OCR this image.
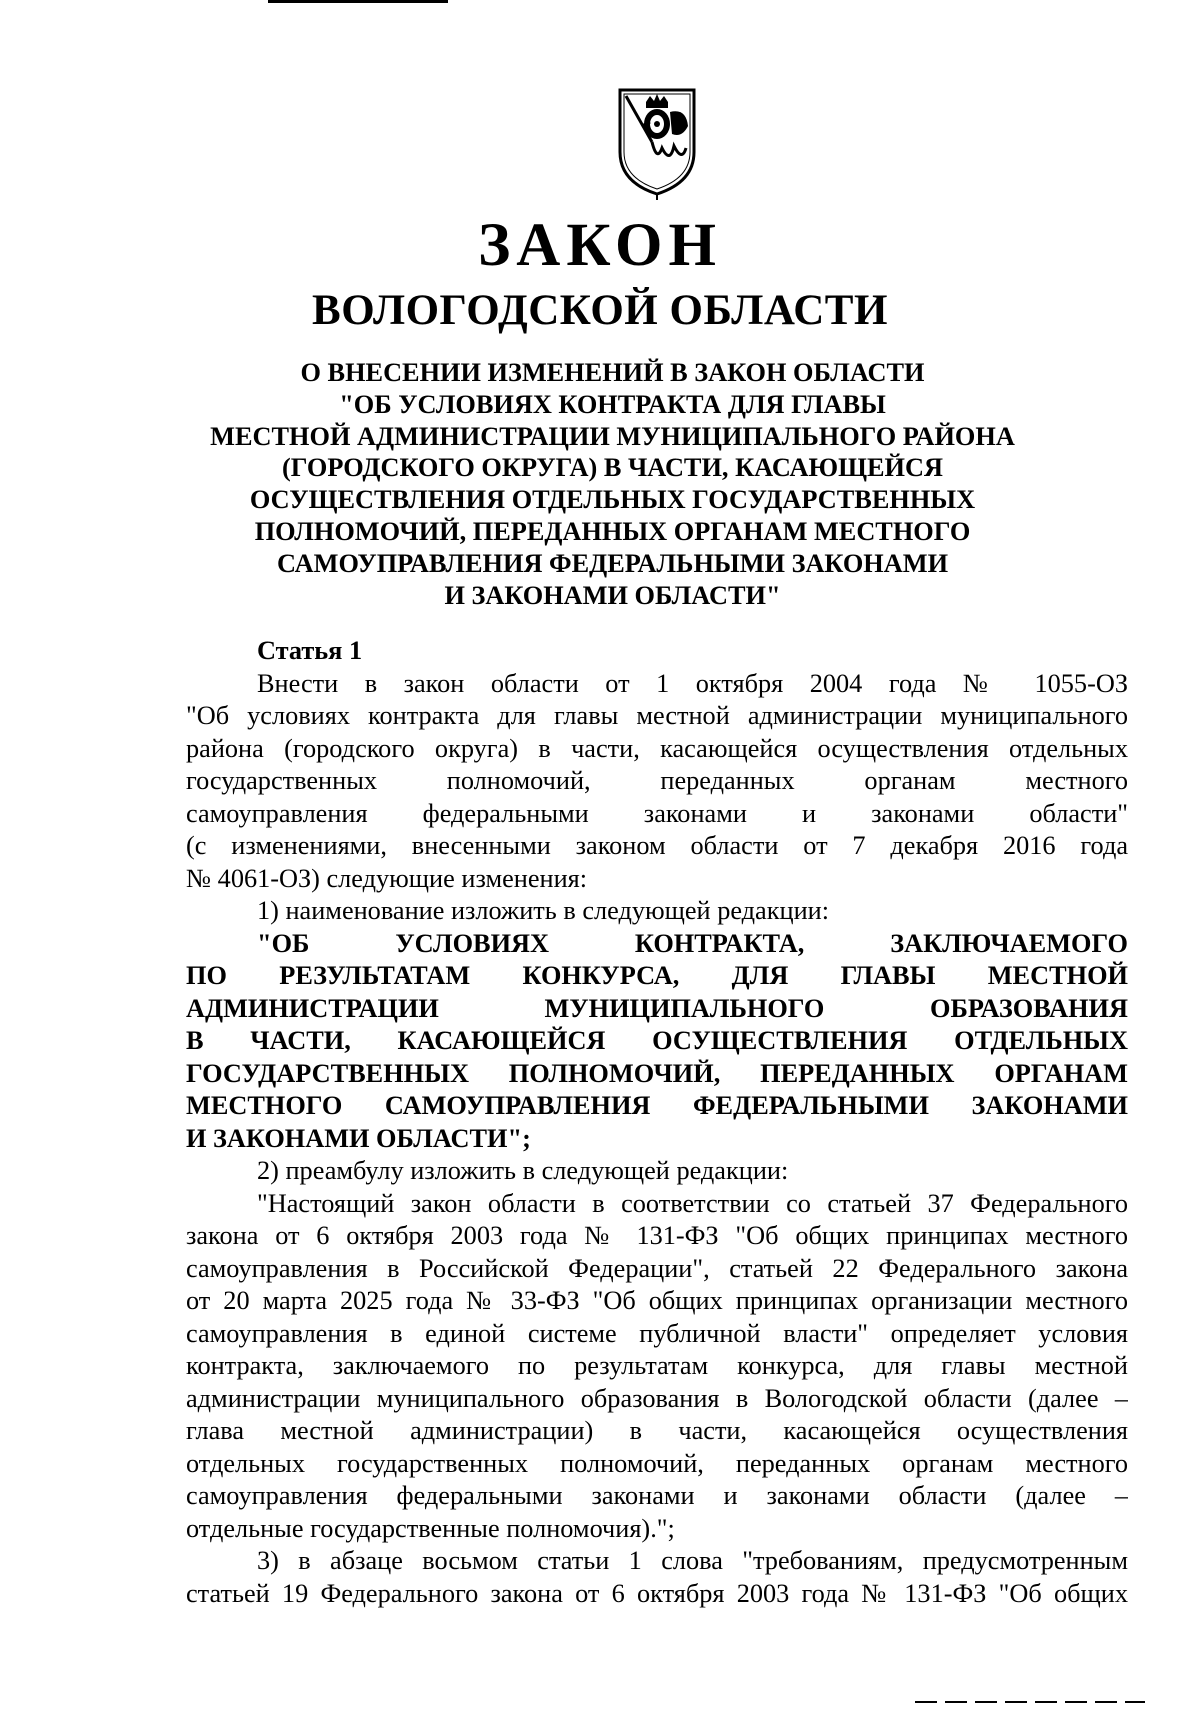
ЗАКОН
ВОЛОГОДСКОЙ ОБЛАСТИ
О ВНЕСЕНИИ ИЗМЕНЕНИЙ В ЗАКОН ОБЛАСТИ
"ОБ УСЛОВИЯХ КОНТРАКТА ДЛЯ ГЛАВЫ
МЕСТНОЙ АДМИНИСТРАЦИИ МУНИЦИПАЛЬНОГО РАЙОНА
(ГОРОДСКОГО ОКРУГА) В ЧАСТИ, КАСАЮЩЕЙСЯ
ОСУЩЕСТВЛЕНИЯ ОТДЕЛЬНЫХ ГОСУДАРСТВЕННЫХ
ПОЛНОМОЧИЙ, ПЕРЕДАННЫХ ОРГАНАМ МЕСТНОГО
САМОУПРАВЛЕНИЯ ФЕДЕРАЛЬНЫМИ ЗАКОНАМИ
И ЗАКОНАМИ ОБЛАСТИ"
Статья 1
Внести в закон области от 1 октября 2004 года № 1055-ОЗ
"Об условиях контракта для главы местной администрации муниципального
района (городского округа) в части, касающейся осуществления отдельных
государственных полномочий, переданных органам местного
самоуправления федеральными законами и законами области"
(с изменениями, внесенными законом области от 7 декабря 2016 года
№ 4061-ОЗ) следующие изменения:
1) наименование изложить в следующей редакции:
"ОБ УСЛОВИЯХ КОНТРАКТА, ЗАКЛЮЧАЕМОГО
ПО РЕЗУЛЬТАТАМ КОНКУРСА, ДЛЯ ГЛАВЫ МЕСТНОЙ
АДМИНИСТРАЦИИ МУНИЦИПАЛЬНОГО ОБРАЗОВАНИЯ
В ЧАСТИ, КАСАЮЩЕЙСЯ ОСУЩЕСТВЛЕНИЯ ОТДЕЛЬНЫХ
ГОСУДАРСТВЕННЫХ ПОЛНОМОЧИЙ, ПЕРЕДАННЫХ ОРГАНАМ
МЕСТНОГО САМОУПРАВЛЕНИЯ ФЕДЕРАЛЬНЫМИ ЗАКОНАМИ
И ЗАКОНАМИ ОБЛАСТИ";
2) преамбулу изложить в следующей редакции:
"Настоящий закон области в соответствии со статьей 37 Федерального
закона от 6 октября 2003 года № 131-ФЗ "Об общих принципах местного
самоуправления в Российской Федерации", статьей 22 Федерального закона
от 20 марта 2025 года № 33-ФЗ "Об общих принципах организации местного
самоуправления в единой системе публичной власти" определяет условия
контракта, заключаемого по результатам конкурса, для главы местной
администрации муниципального образования в Вологодской области (далее –
глава местной администрации) в части, касающейся осуществления
отдельных государственных полномочий, переданных органам местного
самоуправления федеральными законами и законами области (далее –
отдельные государственные полномочия).";
3) в абзаце восьмом статьи 1 слова "требованиям, предусмотренным
статьей 19 Федерального закона от 6 октября 2003 года № 131-ФЗ "Об общих
